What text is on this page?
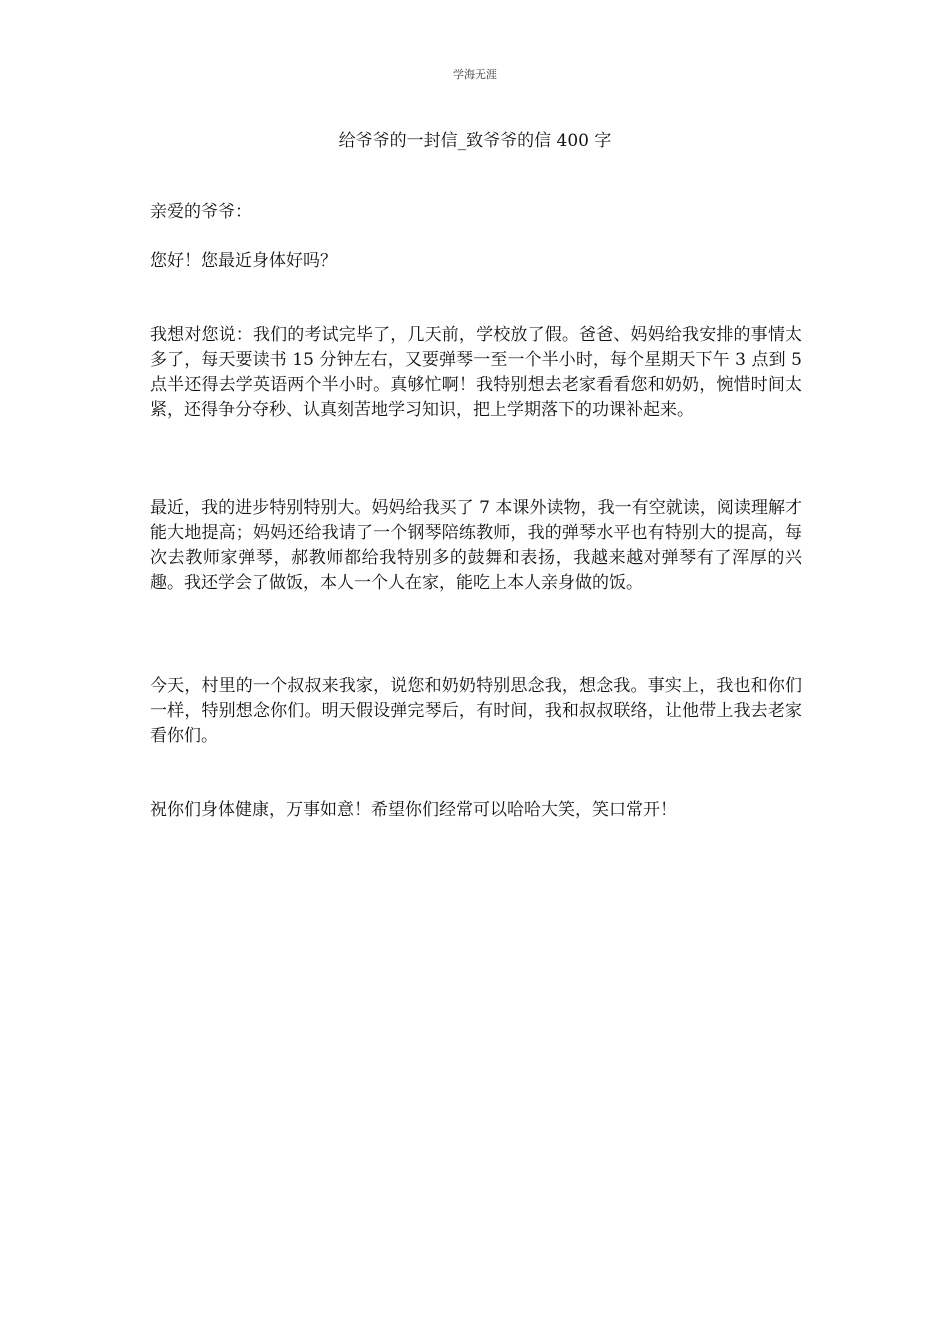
学海无涯
给爷爷的一封信_致爷爷的信 400 字

亲爱的爷爷：

您好！您最近身体好吗？

我想对您说：我们的考试完毕了，几天前，学校放了假。爸爸、妈妈给我安排的事情太多了，每天要读书 15 分钟左右，又要弹琴一至一个半小时，每个星期天下午 3 点到 5 点半还得去学英语两个半小时。真够忙啊！我特别想去老家看看您和奶奶，惋惜时间太紧，还得争分夺秒、认真刻苦地学习知识，把上学期落下的功课补起来。

最近，我的进步特别特别大。妈妈给我买了 7 本课外读物，我一有空就读，阅读理解才能大地提高；妈妈还给我请了一个钢琴陪练教师，我的弹琴水平也有特别大的提高，每次去教师家弹琴，郝教师都给我特别多的鼓舞和表扬，我越来越对弹琴有了浑厚的兴趣。我还学会了做饭，本人一个人在家，能吃上本人亲身做的饭。

今天，村里的一个叔叔来我家，说您和奶奶特别思念我，想念我。事实上，我也和你们一样，特别想念你们。明天假设弹完琴后，有时间，我和叔叔联络，让他带上我去老家看你们。

祝你们身体健康，万事如意！希望你们经常可以哈哈大笑，笑口常开！
